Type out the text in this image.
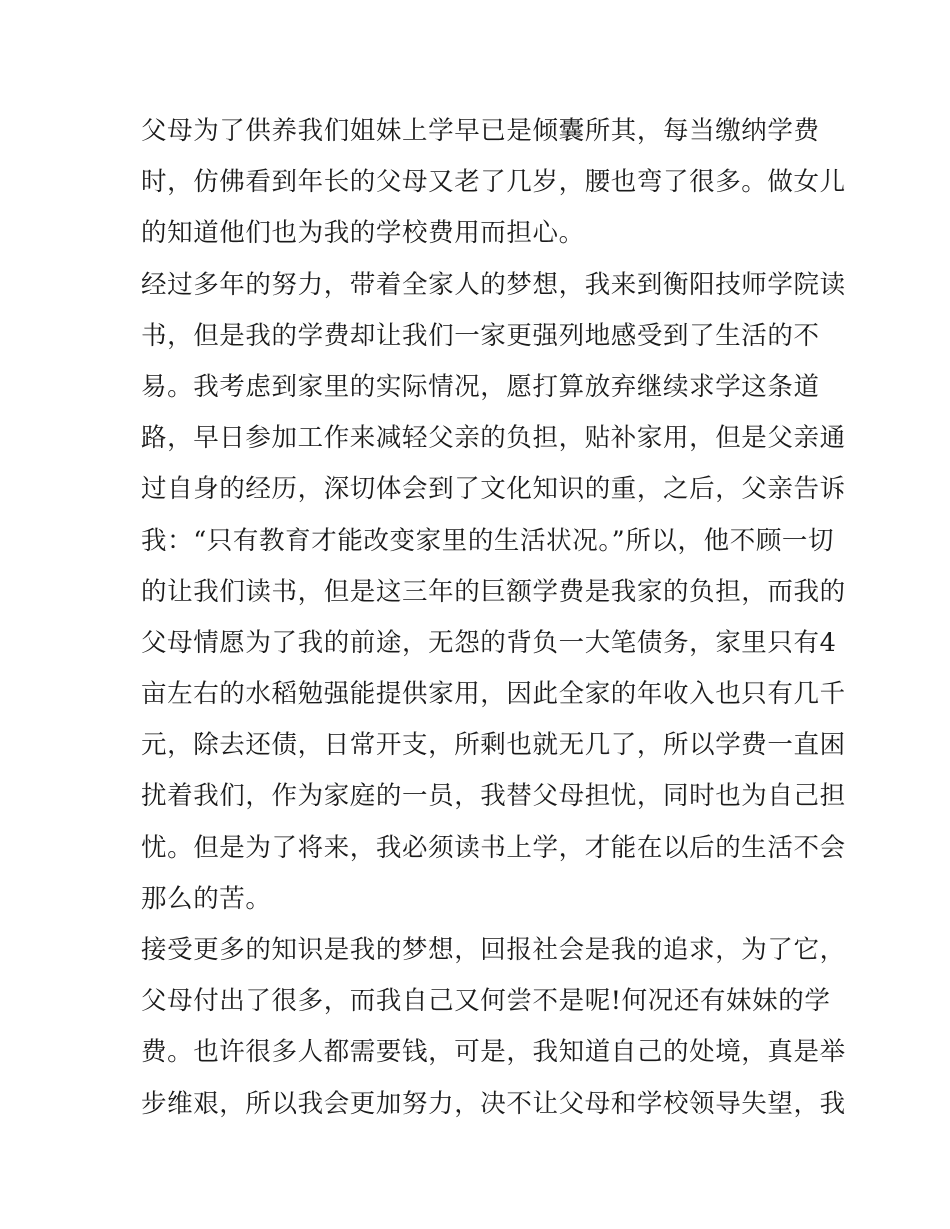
父母为了供养我们姐妹上学早已是倾囊所其，每当缴纳学费
时，仿佛看到年长的父母又老了几岁，腰也弯了很多。做女儿
的知道他们也为我的学校费用而担心。
经过多年的努力，带着全家人的梦想，我来到衡阳技师学院读
书，但是我的学费却让我们一家更强列地感受到了生活的不
易。我考虑到家里的实际情况，愿打算放弃继续求学这条道
路，早日参加工作来减轻父亲的负担，贴补家用，但是父亲通
过自身的经历，深切体会到了文化知识的重，之后，父亲告诉
我：“只有教育才能改变家里的生活状况。”所以，他不顾一切
的让我们读书，但是这三年的巨额学费是我家的负担，而我的
父母情愿为了我的前途，无怨的背负一大笔债务，家里只有4
亩左右的水稻勉强能提供家用，因此全家的年收入也只有几千
元，除去还债，日常开支，所剩也就无几了，所以学费一直困
扰着我们，作为家庭的一员，我替父母担忧，同时也为自己担
忧。但是为了将来，我必须读书上学，才能在以后的生活不会
那么的苦。
接受更多的知识是我的梦想，回报社会是我的追求，为了它，
父母付出了很多，而我自己又何尝不是呢!何况还有妹妹的学
费。也许很多人都需要钱，可是，我知道自己的处境，真是举
步维艰，所以我会更加努力，决不让父母和学校领导失望，我
